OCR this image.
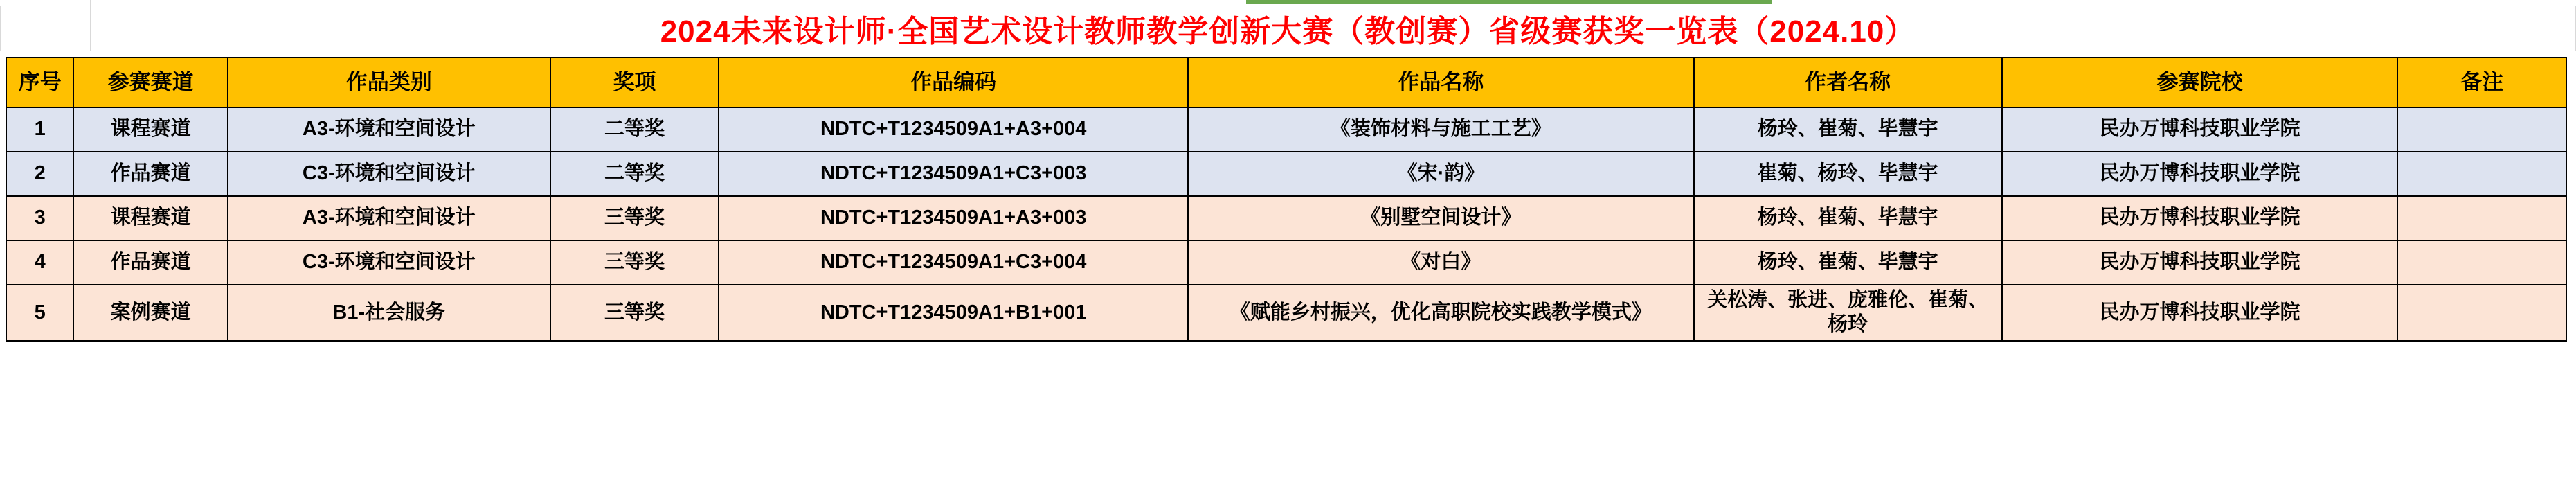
2024未来设计师·全国艺术设计教师教学创新大赛（教创赛）省级赛获奖一览表（2024.10）
序号	参赛赛道	作品类别	奖项	作品编码	作品名称	作者名称	参赛院校	备注
1	课程赛道	A3-环境和空间设计	二等奖	NDTC+T1234509A1+A3+004	《装饰材料与施工工艺》	杨玲、崔菊、毕慧宇	民办万博科技职业学院	
2	作品赛道	C3-环境和空间设计	二等奖	NDTC+T1234509A1+C3+003	《宋·韵》	崔菊、杨玲、毕慧宇	民办万博科技职业学院	
3	课程赛道	A3-环境和空间设计	三等奖	NDTC+T1234509A1+A3+003	《别墅空间设计》	杨玲、崔菊、毕慧宇	民办万博科技职业学院	
4	作品赛道	C3-环境和空间设计	三等奖	NDTC+T1234509A1+C3+004	《对白》	杨玲、崔菊、毕慧宇	民办万博科技职业学院	
5	案例赛道	B1-社会服务	三等奖	NDTC+T1234509A1+B1+001	《赋能乡村振兴，优化高职院校实践教学模式》	关松涛、张进、庞雅伦、崔菊、杨玲	民办万博科技职业学院	
